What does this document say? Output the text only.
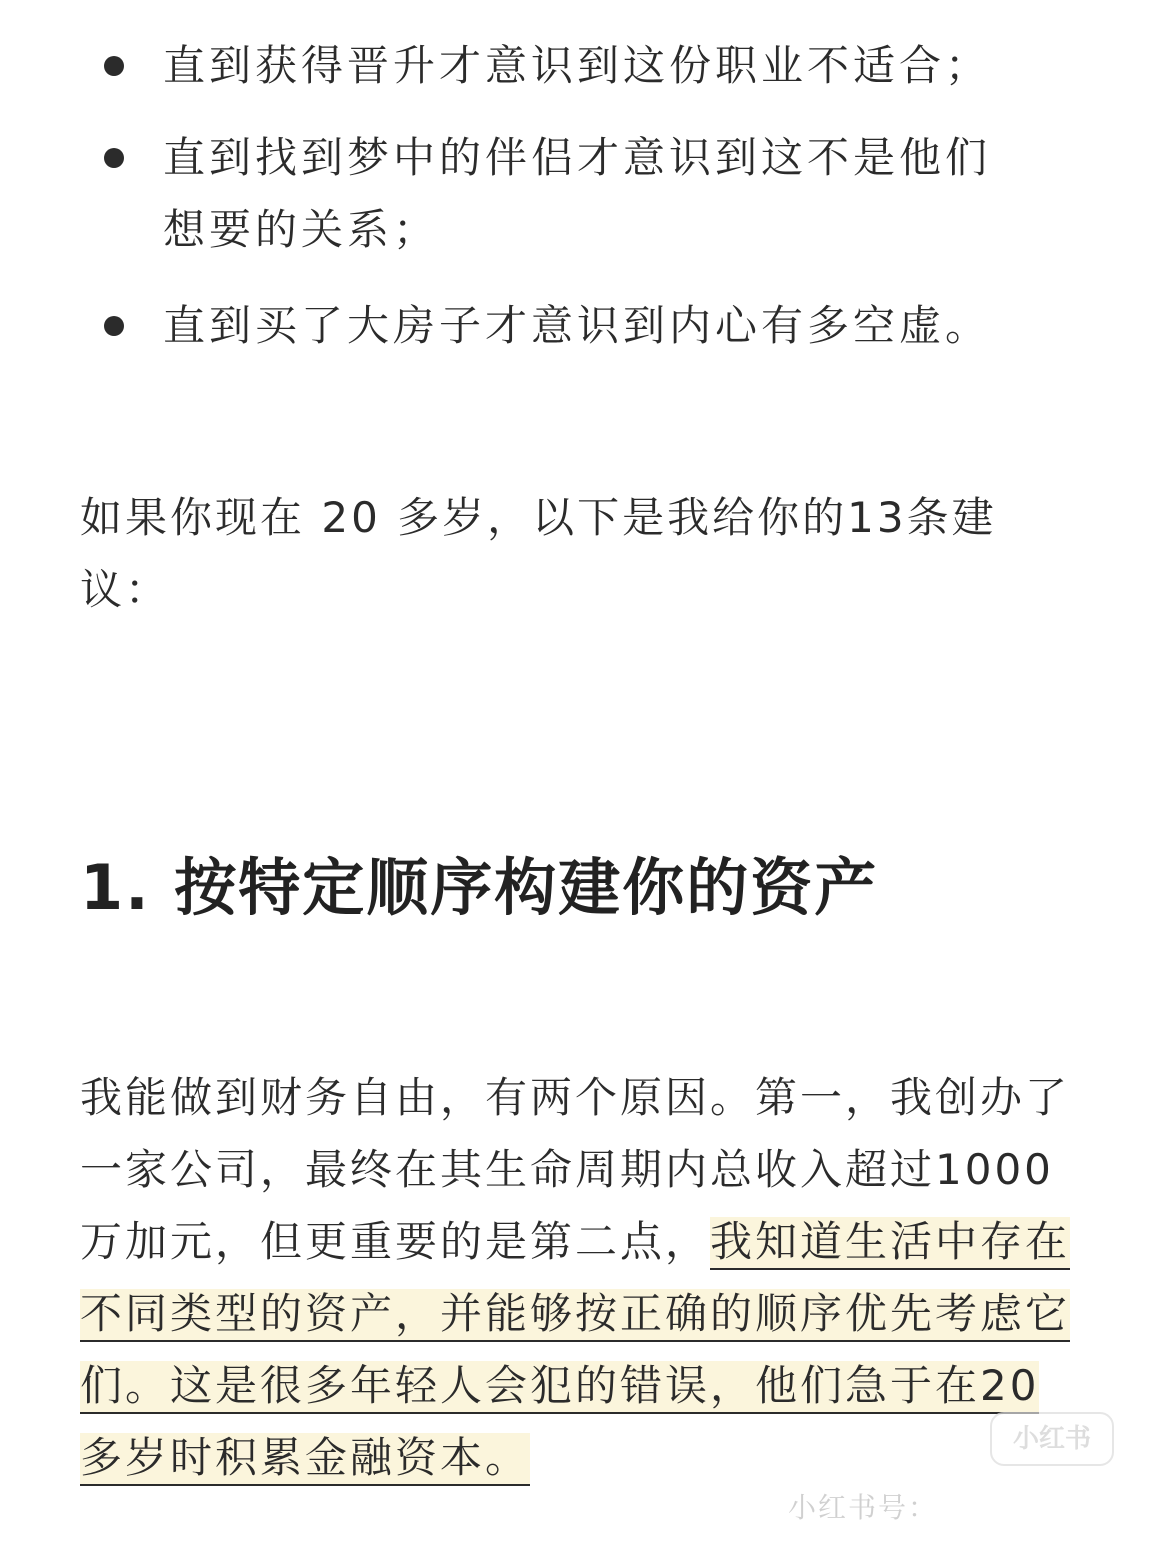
直到获得晋升才意识到这份职业不适合；
直到找到梦中的伴侣才意识到这不是他们
想要的关系；
直到买了大房子才意识到内心有多空虚。

如果你现在 20 多岁，以下是我给你的13条建议：

1. 按特定顺序构建你的资产

我能做到财务自由，有两个原因。第一，我创办了一家公司，最终在其生命周期内总收入超过1000万加元，但更重要的是第二点，我知道生活中存在不同类型的资产，并能够按正确的顺序优先考虑它们。这是很多年轻人会犯的错误，他们急于在20多岁时积累金融资本。	小红书
小红书号：
